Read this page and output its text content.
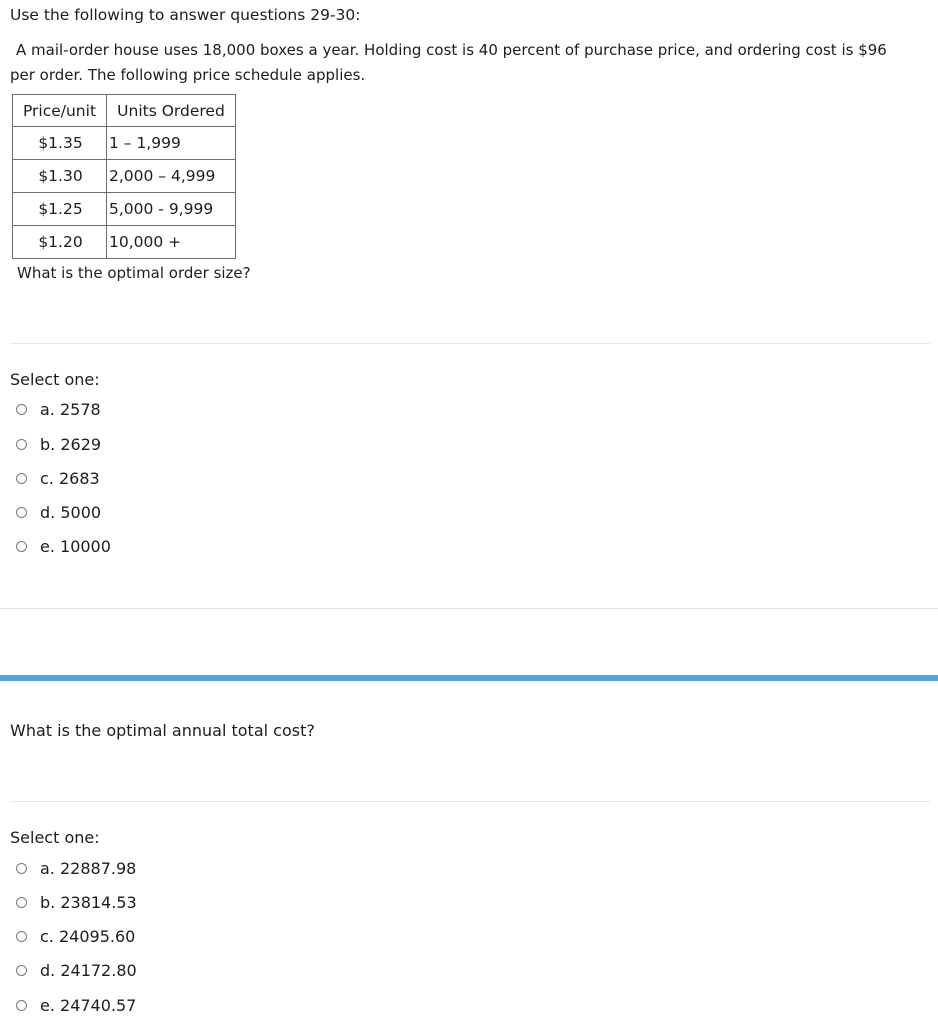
Use the following to answer questions 29-30:
A mail-order house uses 18,000 boxes a year. Holding cost is 40 percent of purchase price, and ordering cost is $96
per order. The following price schedule applies.
Price/unit	Units Ordered
$1.35	1 – 1,999
$1.30	2,000 – 4,999
$1.25	5,000 - 9,999
$1.20	10,000 +
What is the optimal order size?
Select one:
a. 2578
b. 2629
c. 2683
d. 5000
e. 10000
What is the optimal annual total cost?
Select one:
a. 22887.98
b. 23814.53
c. 24095.60
d. 24172.80
e. 24740.57
